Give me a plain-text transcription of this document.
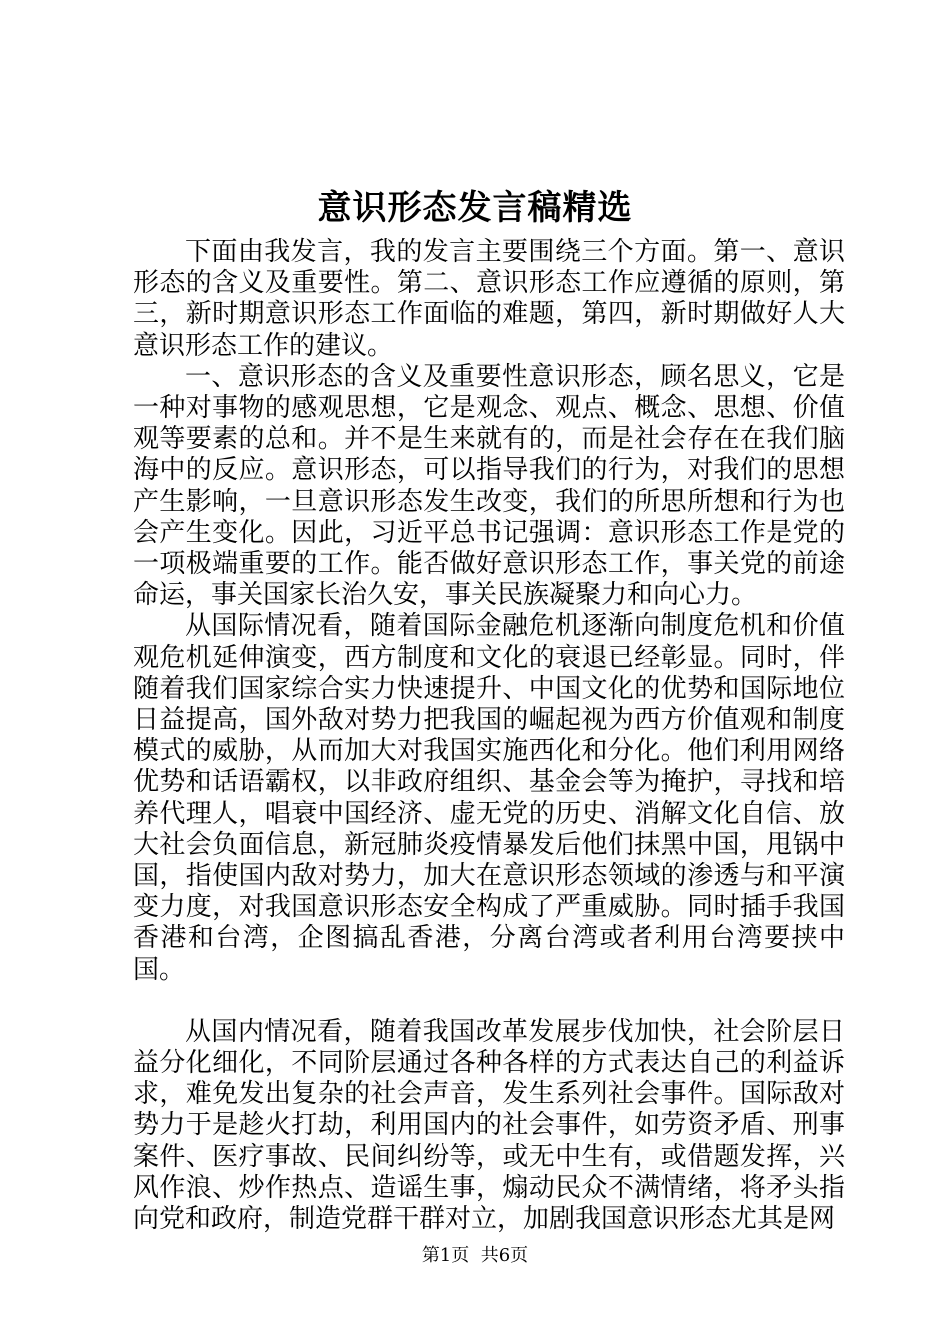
意识形态发言稿精选

下面由我发言，我的发言主要围绕三个方面。第一、意识形态的含义及重要性。第二、意识形态工作应遵循的原则，第三，新时期意识形态工作面临的难题，第四，新时期做好人大意识形态工作的建议。

一、意识形态的含义及重要性意识形态，顾名思义，它是一种对事物的感观思想，它是观念、观点、概念、思想、价值观等要素的总和。并不是生来就有的，而是社会存在在我们脑海中的反应。意识形态，可以指导我们的行为，对我们的思想产生影响，一旦意识形态发生改变，我们的所思所想和行为也会产生变化。因此，习近平总书记强调：意识形态工作是党的一项极端重要的工作。能否做好意识形态工作，事关党的前途命运，事关国家长治久安，事关民族凝聚力和向心力。

从国际情况看，随着国际金融危机逐渐向制度危机和价值观危机延伸演变，西方制度和文化的衰退已经彰显。同时，伴随着我们国家综合实力快速提升、中国文化的优势和国际地位日益提高，国外敌对势力把我国的崛起视为西方价值观和制度模式的威胁，从而加大对我国实施西化和分化。他们利用网络优势和话语霸权，以非政府组织、基金会等为掩护，寻找和培养代理人，唱衰中国经济、虚无党的历史、消解文化自信、放大社会负面信息，新冠肺炎疫情暴发后他们抹黑中国，甩锅中国，指使国内敌对势力，加大在意识形态领域的渗透与和平演变力度，对我国意识形态安全构成了严重威胁。同时插手我国香港和台湾，企图搞乱香港，分离台湾或者利用台湾要挟中国。

从国内情况看，随着我国改革发展步伐加快，社会阶层日益分化细化，不同阶层通过各种各样的方式表达自己的利益诉求，难免发出复杂的社会声音，发生系列社会事件。国际敌对势力于是趁火打劫，利用国内的社会事件，如劳资矛盾、刑事案件、医疗事故、民间纠纷等，或无中生有，或借题发挥，兴风作浪、炒作热点、造谣生事，煽动民众不满情绪，将矛头指向党和政府，制造党群干群对立，加剧我国意识形态尤其是网

第1页 共6页
